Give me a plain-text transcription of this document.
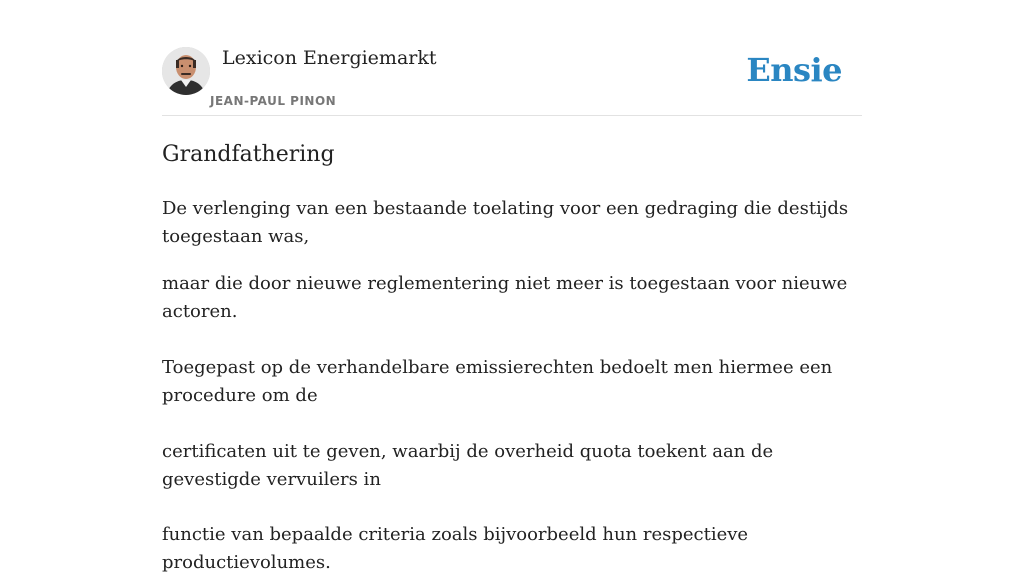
Lexicon Energiemarkt
JEAN-PAUL PINON
Ensie
Grandfathering

De verlenging van een bestaande toelating voor een gedraging die destijds toegestaan was,

maar die door nieuwe reglementering niet meer is toegestaan voor nieuwe actoren.

Toegepast op de verhandelbare emissierechten bedoelt men hiermee een procedure om de

certificaten uit te geven, waarbij de overheid quota toekent aan de gevestigde vervuilers in

functie van bepaalde criteria zoals bijvoorbeeld hun respectieve productievolumes.
